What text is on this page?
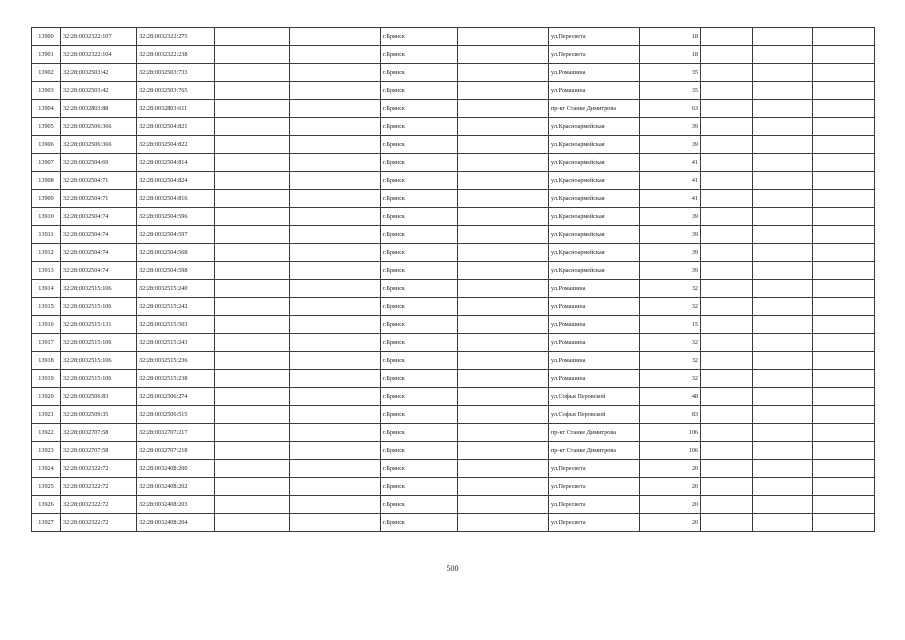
13900	32:28:0032322:107	32:28:0032322:275			г.Брянск		ул.Пересвета	18			
13901	32:28:0032322:104	32:28:0032322:238			г.Брянск		ул.Пересвета	18			
13902	32:28:0032503:42	32:28:0032503:733			г.Брянск		ул.Ромашина	35			
13903	32:28:0032503:42	32:28:0032503:765			г.Брянск		ул.Ромашина	35			
13904	32:28:0032803:88	32:28:0032803:611			г.Брянск		пр-кт Станке Димитрова	63			
13905	32:28:0032506:366	32:28:0032504:821			г.Брянск		ул.Красноармейская	39			
13906	32:28:0032506:366	32:28:0032504:822			г.Брянск		ул.Красноармейская	39			
13907	32:28:0032504:69	32:28:0032504:814			г.Брянск		ул.Красноармейская	41			
13908	32:28:0032504:71	32:28:0032504:824			г.Брянск		ул.Красноармейская	41			
13909	32:28:0032504:71	32:28:0032504:816			г.Брянск		ул.Красноармейская	41			
13910	32:28:0032504:74	32:28:0032504:596			г.Брянск		ул.Красноармейская	39			
13911	32:28:0032504:74	32:28:0032504:597			г.Брянск		ул.Красноармейская	39			
13912	32:28:0032504:74	32:28:0032504:568			г.Брянск		ул.Красноармейская	39			
13913	32:28:0032504:74	32:28:0032504:598			г.Брянск		ул.Красноармейская	39			
13914	32:28:0032515:106	32:28:0032515:240			г.Брянск		ул.Ромашина	32			
13915	32:28:0032515:106	32:28:0032515:242			г.Брянск		ул.Ромашина	32			
13916	32:28:0032515:131	32:28:0032515:503			г.Брянск		ул.Ромашина	15			
13917	32:28:0032515:106	32:28:0032515:243			г.Брянск		ул.Ромашина	32			
13918	32:28:0032515:106	32:28:0032515:236			г.Брянск		ул.Ромашина	32			
13919	32:28:0032515:106	32:28:0032515:238			г.Брянск		ул.Ромашина	32			
13920	32:28:0032506:83	32:28:0032506:274			г.Брянск		ул.Софьи Перовской	48			
13921	32:28:0032509:35	32:28:0032506:515			г.Брянск		ул.Софьи Перовской	83			
13922	32:28:0032707:58	32:28:0032707:217			г.Брянск		пр-кт Станке Димитрова	106			
13923	32:28:0032707:58	32:28:0032707:218			г.Брянск		пр-кт Станке Димитрова	106			
13924	32:28:0032322:72	32:28:0032408:200			г.Брянск		ул.Пересвета	20			
13925	32:28:0032322:72	32:28:0032408:202			г.Брянск		ул.Пересвета	20			
13926	32:28:0032322:72	32:28:0032408:203			г.Брянск		ул.Пересвета	20			
13927	32:28:0032322:72	32:28:0032408:204			г.Брянск		ул.Пересвета	20			
500
